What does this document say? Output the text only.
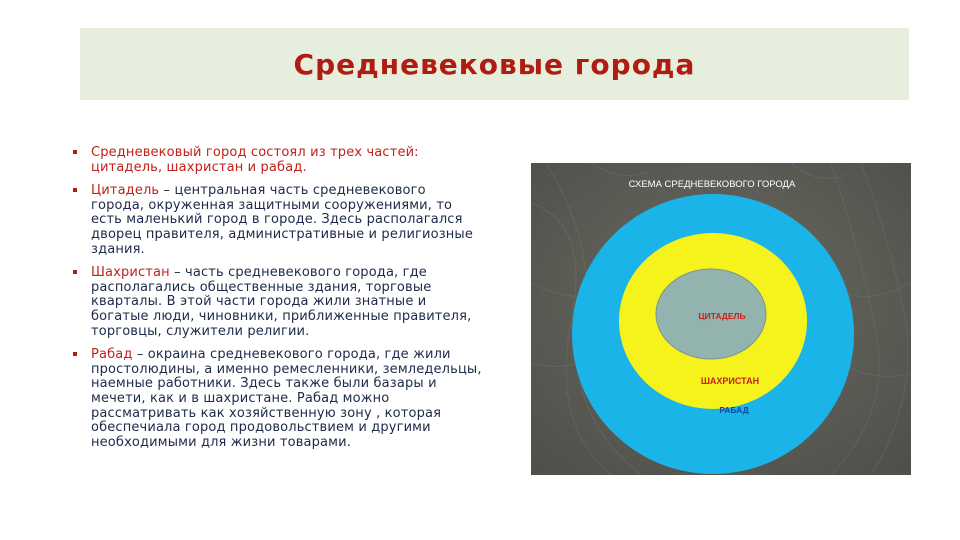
Средневековые города
Средневековый город состоял из трех частей: цитадель, шахристан и рабад.
Цитадель – центральная часть средневекового города, окруженная защитными сооружениями, то есть маленький город в городе. Здесь располагался дворец правителя, административные и религиозные здания.
Шахристан – часть средневекового города, где располагались общественные здания, торговые кварталы. В этой части города жили знатные и богатые люди, чиновники, приближенные правителя, торговцы, служители религии.
Рабад – окраина средневекового города, где жили простолюдины, а именно ремесленники, земледельцы, наемные работники. Здесь также были базары и мечети, как и в шахристане. Рабад можно рассматривать как хозяйственную зону , которая обеспечиала город продовольствием и другими необходимыми для жизни товарами.
СХЕМА СРЕДНЕВЕКОВОГО ГОРОДА
ЦИТАДЕЛЬ
ШАХРИСТАН
РАБАД
